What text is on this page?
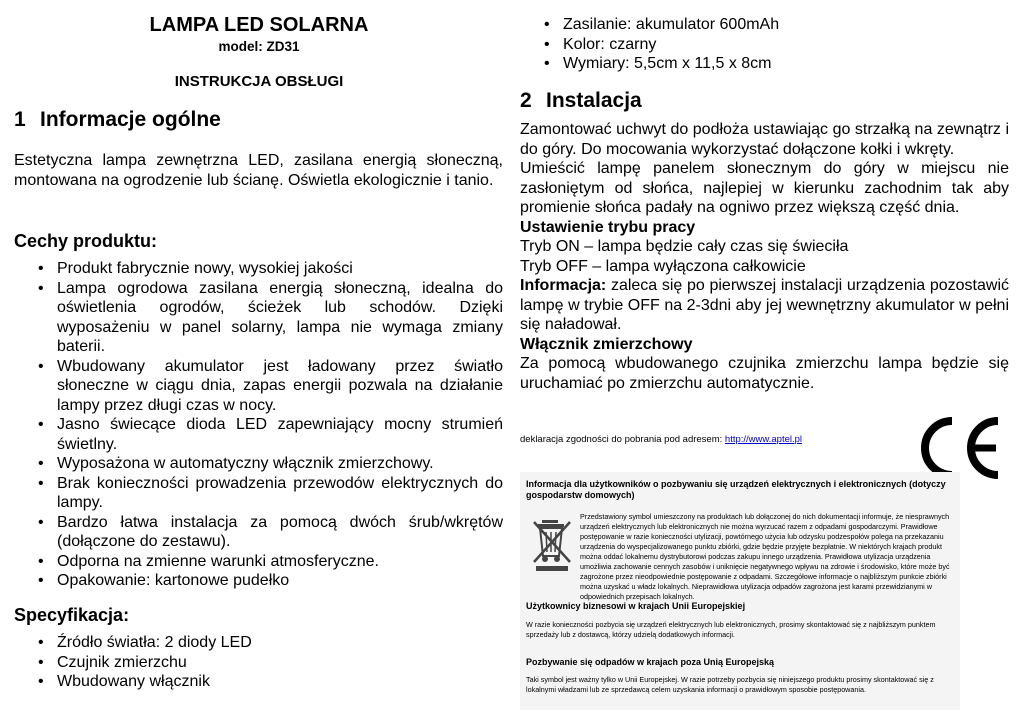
LAMPA LED SOLARNA
model: ZD31
INSTRUKCJA OBSŁUGI
1 Informacje ogólne

Estetyczna lampa zewnętrzna LED, zasilana energią słoneczną, montowana na ogrodzenie lub ścianę. Oświetla ekologicznie i tanio.

Cechy produktu:
• Produkt fabrycznie nowy, wysokiej jakości
• Lampa ogrodowa zasilana energią słoneczną, idealna do oświetlenia ogrodów, ścieżek lub schodów. Dzięki wyposażeniu w panel solarny, lampa nie wymaga zmiany baterii.
• Wbudowany akumulator jest ładowany przez światło słoneczne w ciągu dnia, zapas energii pozwala na działanie lampy przez długi czas w nocy.
• Jasno świecące dioda LED zapewniający mocny strumień świetlny.
• Wyposażona w automatyczny włącznik zmierzchowy.
• Brak konieczności prowadzenia przewodów elektrycznych do lampy.
• Bardzo łatwa instalacja za pomocą dwóch śrub/wkrętów (dołączone do zestawu).
• Odporna na zmienne warunki atmosferyczne.
• Opakowanie: kartonowe pudełko
Specyfikacja:
• Źródło światła: 2 diody LED
• Czujnik zmierzchu
• Wbudowany włącznik
• Zasilanie: akumulator 600mAh
• Kolor: czarny
• Wymiary: 5,5cm x 11,5 x 8cm
2 Instalacja

Zamontować uchwyt do podłoża ustawiając go strzałką na zewnątrz i do góry. Do mocowania wykorzystać dołączone kołki i wkręty.

Umieścić lampę panelem słonecznym do góry w miejscu nie zasłoniętym od słońca, najlepiej w kierunku zachodnim tak aby promienie słońca padały na ogniwo przez większą część dnia.

Ustawienie trybu pracy

Tryb ON – lampa będzie cały czas się świeciła

Tryb OFF – lampa wyłączona całkowicie

Informacja: zaleca się po pierwszej instalacji urządzenia pozostawić lampę w trybie OFF na 2-3dni aby jej wewnętrzny akumulator w pełni się naładował.

Włącznik zmierzchowy

Za pomocą wbudowanego czujnika zmierzchu lampa będzie się uruchamiać po zmierzchu automatycznie.

deklaracja zgodności do pobrania pod adresem: http://www.aptel.pl
Informacja dla użytkowników o pozbywaniu się urządzeń elektrycznych i elektronicznych (dotyczy gospodarstw domowych)

Przedstawiony symbol umieszczony na produktach lub dołączonej do nich dokumentacji informuje, że niesprawnych urządzeń elektrycznych lub elektronicznych nie można wyrzucać razem z odpadami gospodarczymi. Prawidłowe postępowanie w razie konieczności utylizacji, powtórnego użycia lub odzysku podzespołów polega na przekazaniu urządzenia do wyspecjalizowanego punktu zbiórki, gdzie będzie przyjęte bezpłatnie. W niektórych krajach produkt można oddać lokalnemu dystrybutorowi podczas zakupu innego urządzenia. Prawidłowa utylizacja urządzenia umożliwia zachowanie cennych zasobów i uniknięcie negatywnego wpływu na zdrowie i środowisko, które może być zagrożone przez nieodpowiednie postępowanie z odpadami. Szczegółowe informacje o najbliższym punkcie zbiórki można uzyskać u władz lokalnych. Nieprawidłowa utylizacja odpadów zagrożona jest karami przewidzianymi w odpowiednich przepisach lokalnych.

Użytkownicy biznesowi w krajach Unii Europejskiej

W razie konieczności pozbycia się urządzeń elektrycznych lub elektronicznych, prosimy skontaktować się z najbliższym punktem sprzedaży lub z dostawcą, którzy udzielą dodatkowych informacji.

Pozbywanie się odpadów w krajach poza Unią Europejską

Taki symbol jest ważny tylko w Unii Europejskej. W razie potrzeby pozbycia się niniejszego produktu prosimy skontaktować się z lokalnymi władzami lub ze sprzedawcą celem uzyskania informacji o prawidłowym sposobie postępowania.
